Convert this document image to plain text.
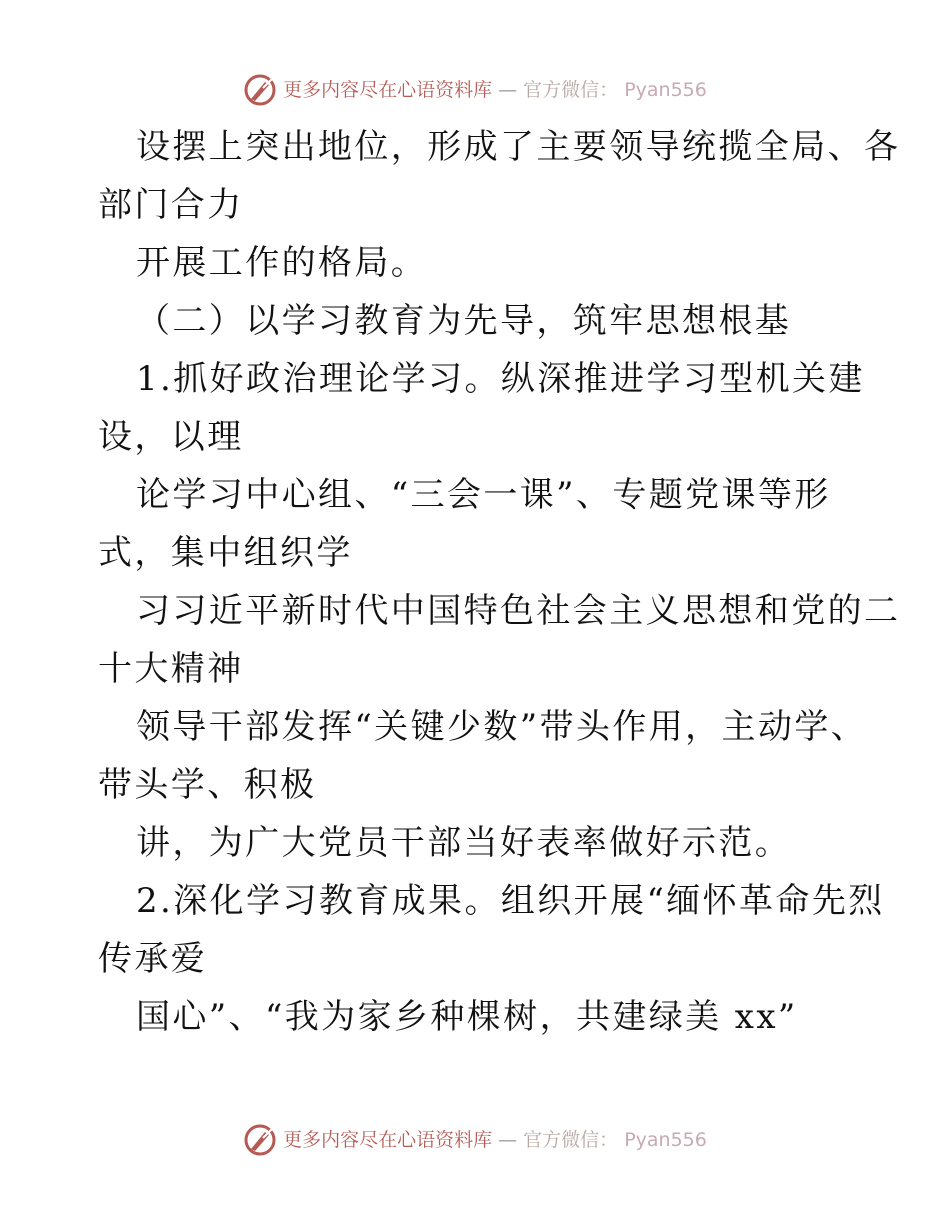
更多内容尽在心语资料库 — 官方微信： Pyan556
设摆上突出地位，形成了主要领导统揽全局、各
部门合力
开展工作的格局。
（二）以学习教育为先导，筑牢思想根基
1.抓好政治理论学习。纵深推进学习型机关建
设，以理
论学习中心组、“三会一课”、专题党课等形
式，集中组织学
习习近平新时代中国特色社会主义思想和党的二
十大精神
领导干部发挥“关键少数”带头作用，主动学、
带头学、积极
讲，为广大党员干部当好表率做好示范。
2.深化学习教育成果。组织开展“缅怀革命先烈
传承爱
国心”、“我为家乡种棵树，共建绿美 xx”
更多内容尽在心语资料库 — 官方微信： Pyan556
